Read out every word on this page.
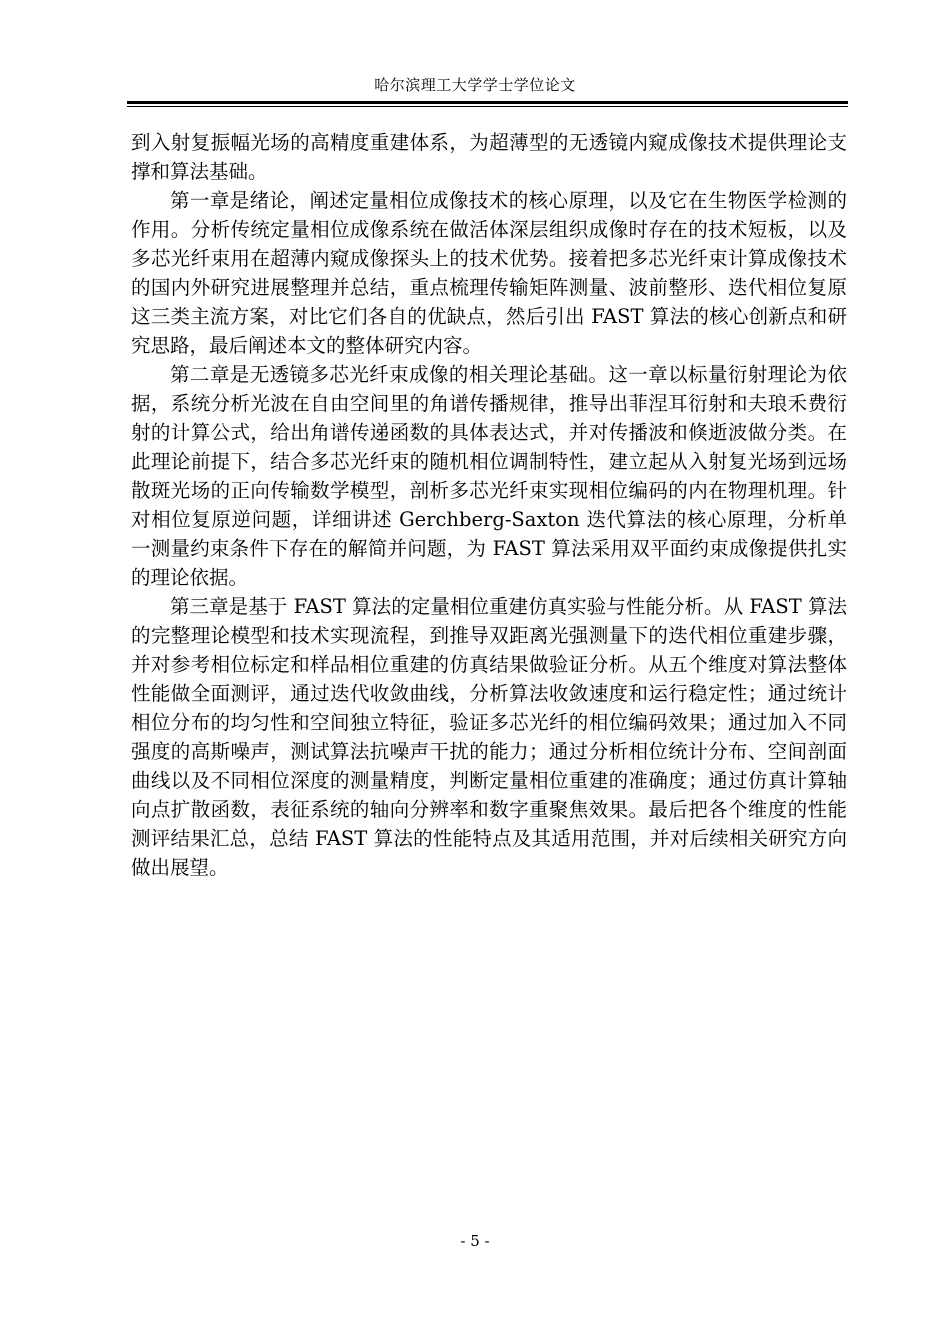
哈尔滨理工大学学士学位论文

到入射复振幅光场的高精度重建体系，为超薄型的无透镜内窥成像技术提供理论支撑和算法基础。

第一章是绪论，阐述定量相位成像技术的核心原理，以及它在生物医学检测的作用。分析传统定量相位成像系统在做活体深层组织成像时存在的技术短板，以及多芯光纤束用在超薄内窥成像探头上的技术优势。接着把多芯光纤束计算成像技术的国内外研究进展整理并总结，重点梳理传输矩阵测量、波前整形、迭代相位复原这三类主流方案，对比它们各自的优缺点，然后引出 FAST 算法的核心创新点和研究思路，最后阐述本文的整体研究内容。

第二章是无透镜多芯光纤束成像的相关理论基础。这一章以标量衍射理论为依据，系统分析光波在自由空间里的角谱传播规律，推导出菲涅耳衍射和夫琅禾费衍射的计算公式，给出角谱传递函数的具体表达式，并对传播波和倏逝波做分类。在此理论前提下，结合多芯光纤束的随机相位调制特性，建立起从入射复光场到远场散斑光场的正向传输数学模型，剖析多芯光纤束实现相位编码的内在物理机理。针对相位复原逆问题，详细讲述 Gerchberg-Saxton 迭代算法的核心原理，分析单一测量约束条件下存在的解简并问题，为 FAST 算法采用双平面约束成像提供扎实的理论依据。

第三章是基于 FAST 算法的定量相位重建仿真实验与性能分析。从 FAST 算法的完整理论模型和技术实现流程，到推导双距离光强测量下的迭代相位重建步骤，并对参考相位标定和样品相位重建的仿真结果做验证分析。从五个维度对算法整体性能做全面测评，通过迭代收敛曲线，分析算法收敛速度和运行稳定性；通过统计相位分布的均匀性和空间独立特征，验证多芯光纤的相位编码效果；通过加入不同强度的高斯噪声，测试算法抗噪声干扰的能力；通过分析相位统计分布、空间剖面曲线以及不同相位深度的测量精度，判断定量相位重建的准确度；通过仿真计算轴向点扩散函数，表征系统的轴向分辨率和数字重聚焦效果。最后把各个维度的性能测评结果汇总，总结 FAST 算法的性能特点及其适用范围，并对后续相关研究方向做出展望。

- 5 -
